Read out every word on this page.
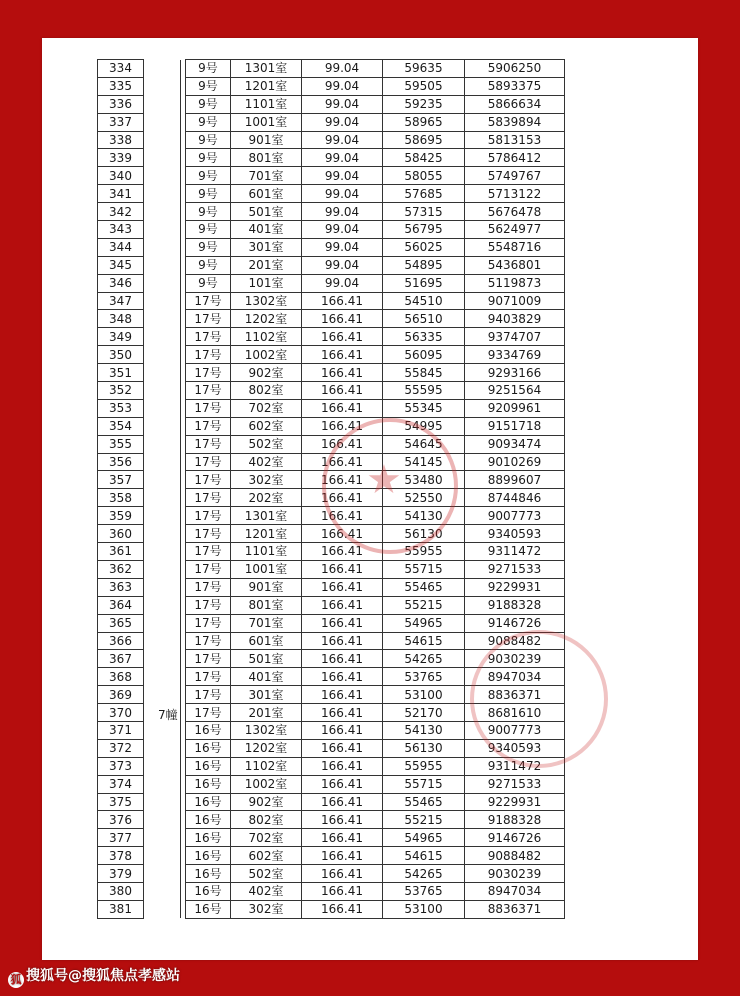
334	7幢		9号	1301室	99.04	59635	5906250
335			9号	1201室	99.04	59505	5893375
336			9号	1101室	99.04	59235	5866634
337			9号	1001室	99.04	58965	5839894
338			9号	901室	99.04	58695	5813153
339			9号	801室	99.04	58425	5786412
340			9号	701室	99.04	58055	5749767
341			9号	601室	99.04	57685	5713122
342			9号	501室	99.04	57315	5676478
343			9号	401室	99.04	56795	5624977
344			9号	301室	99.04	56025	5548716
345			9号	201室	99.04	54895	5436801
346			9号	101室	99.04	51695	5119873
347			17号	1302室	166.41	54510	9071009
348			17号	1202室	166.41	56510	9403829
349			17号	1102室	166.41	56335	9374707
350			17号	1002室	166.41	56095	9334769
351			17号	902室	166.41	55845	9293166
352			17号	802室	166.41	55595	9251564
353			17号	702室	166.41	55345	9209961
354			17号	602室	166.41	54995	9151718
355			17号	502室	166.41	54645	9093474
356			17号	402室	166.41	54145	9010269
357			17号	302室	166.41	53480	8899607
358			17号	202室	166.41	52550	8744846
359			17号	1301室	166.41	54130	9007773
360			17号	1201室	166.41	56130	9340593
361			17号	1101室	166.41	55955	9311472
362			17号	1001室	166.41	55715	9271533
363			17号	901室	166.41	55465	9229931
364			17号	801室	166.41	55215	9188328
365			17号	701室	166.41	54965	9146726
366			17号	601室	166.41	54615	9088482
367			17号	501室	166.41	54265	9030239
368			17号	401室	166.41	53765	8947034
369			17号	301室	166.41	53100	8836371
370			17号	201室	166.41	52170	8681610
371			16号	1302室	166.41	54130	9007773
372			16号	1202室	166.41	56130	9340593
373			16号	1102室	166.41	55955	9311472
374			16号	1002室	166.41	55715	9271533
375			16号	902室	166.41	55465	9229931
376			16号	802室	166.41	55215	9188328
377			16号	702室	166.41	54965	9146726
378			16号	602室	166.41	54615	9088482
379			16号	502室	166.41	54265	9030239
380			16号	402室	166.41	53765	8947034
381			16号	302室	166.41	53100	8836371
★
狐 搜狐号@搜狐焦点孝感站
